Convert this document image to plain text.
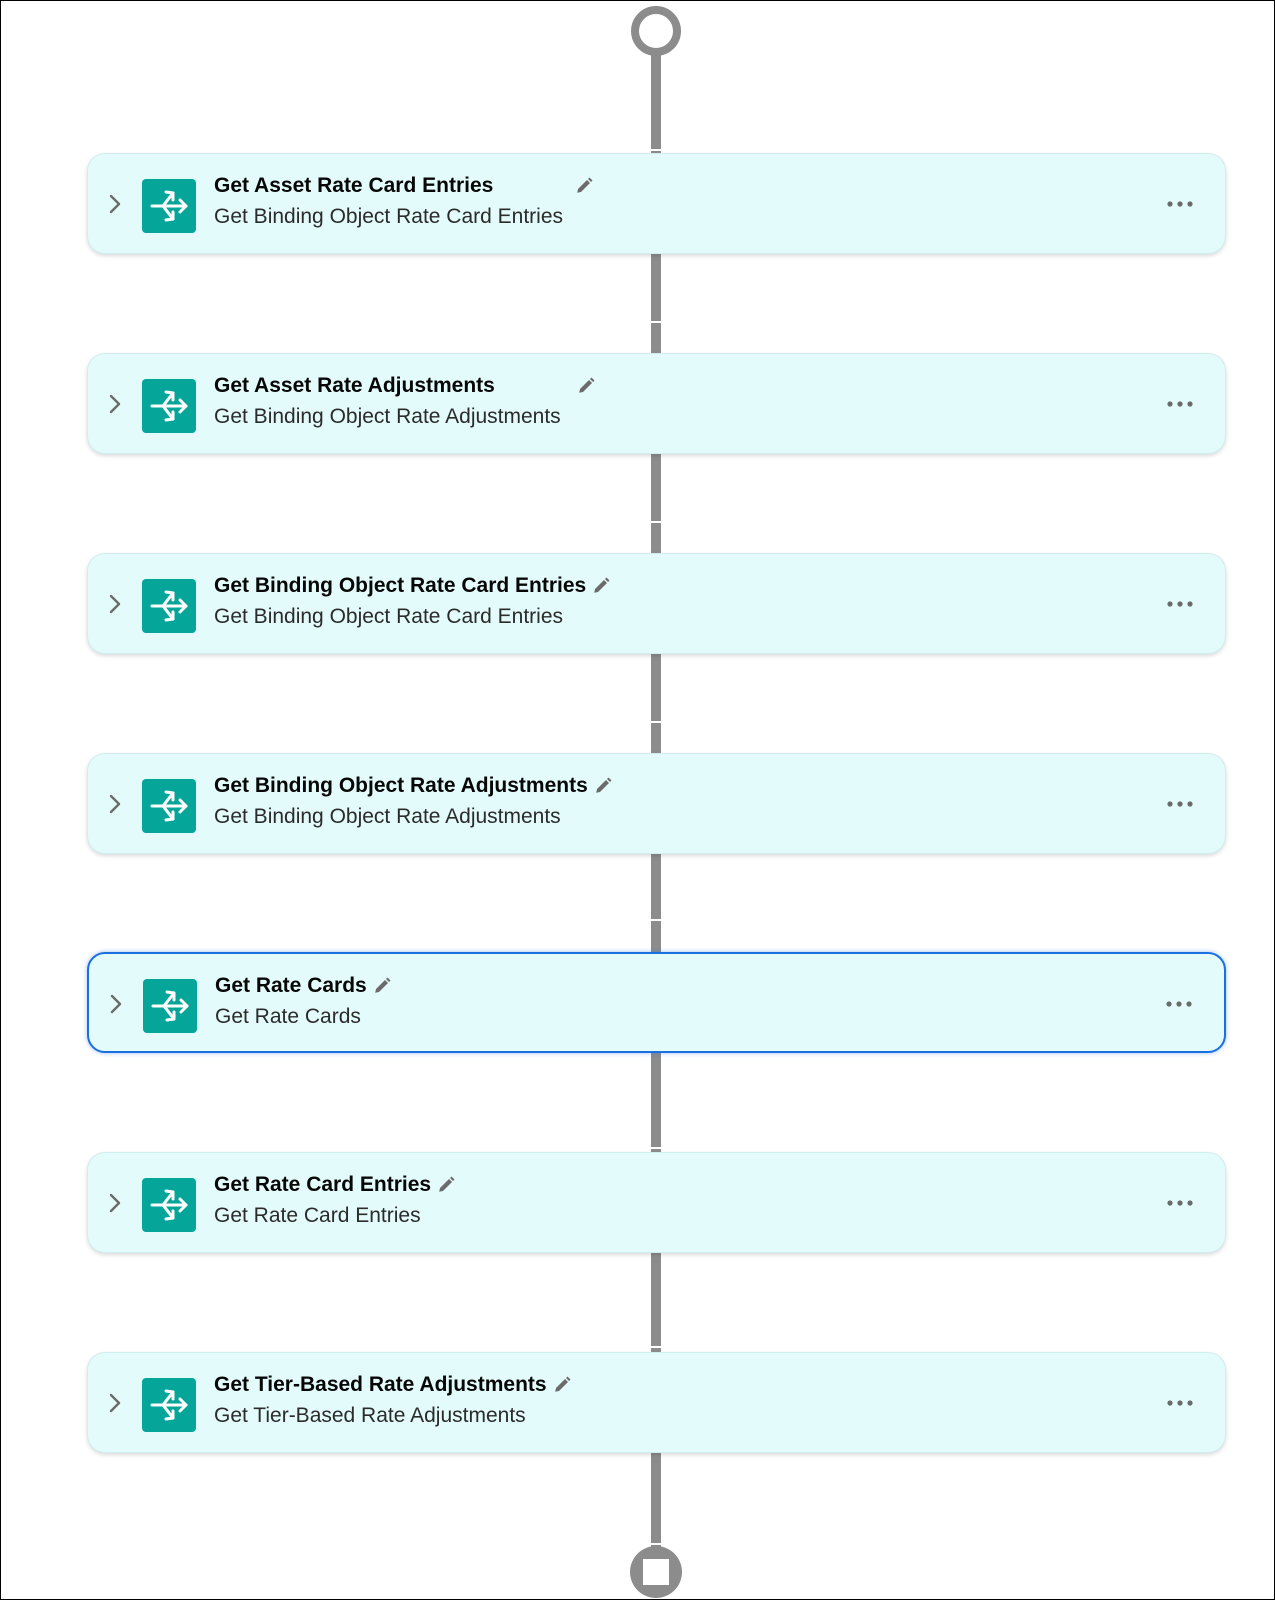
Get Asset Rate Card Entries
Get Binding Object Rate Card Entries
Get Asset Rate Adjustments
Get Binding Object Rate Adjustments
Get Binding Object Rate Card Entries
Get Binding Object Rate Card Entries
Get Binding Object Rate Adjustments
Get Binding Object Rate Adjustments
Get Rate Cards
Get Rate Cards
Get Rate Card Entries
Get Rate Card Entries
Get Tier-Based Rate Adjustments
Get Tier-Based Rate Adjustments
